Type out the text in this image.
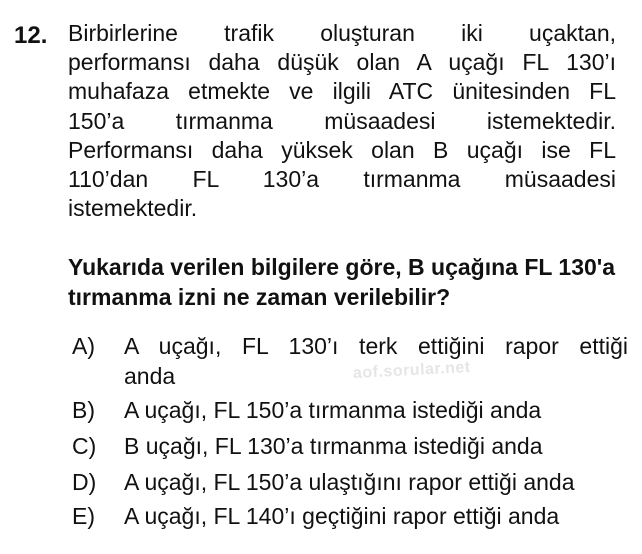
12. Birbirlerine trafik oluşturan iki uçaktan,

performansı daha düşük olan A uçağı FL 130’ı

muhafaza etmekte ve ilgili ATC ünitesinden FL

150’a tırmanma müsaadesi istemektedir.

Performansı daha yüksek olan B uçağı ise FL

110’dan FL 130’a tırmanma müsaadesi

istemektedir.

Yukarıda verilen bilgilere göre, B uçağına FL 130'a tırmanma izni ne zaman verilebilir?
A)	A uçağı, FL 130’ı terk ettiğini rapor ettiği
anda
B)	A uçağı, FL 150’a tırmanma istediği anda
C)	B uçağı, FL 130’a tırmanma istediği anda
D)	A uçağı, FL 150’a ulaştığını rapor ettiği anda
E)	A uçağı, FL 140’ı geçtiğini rapor ettiği anda
aof.sorular.net
